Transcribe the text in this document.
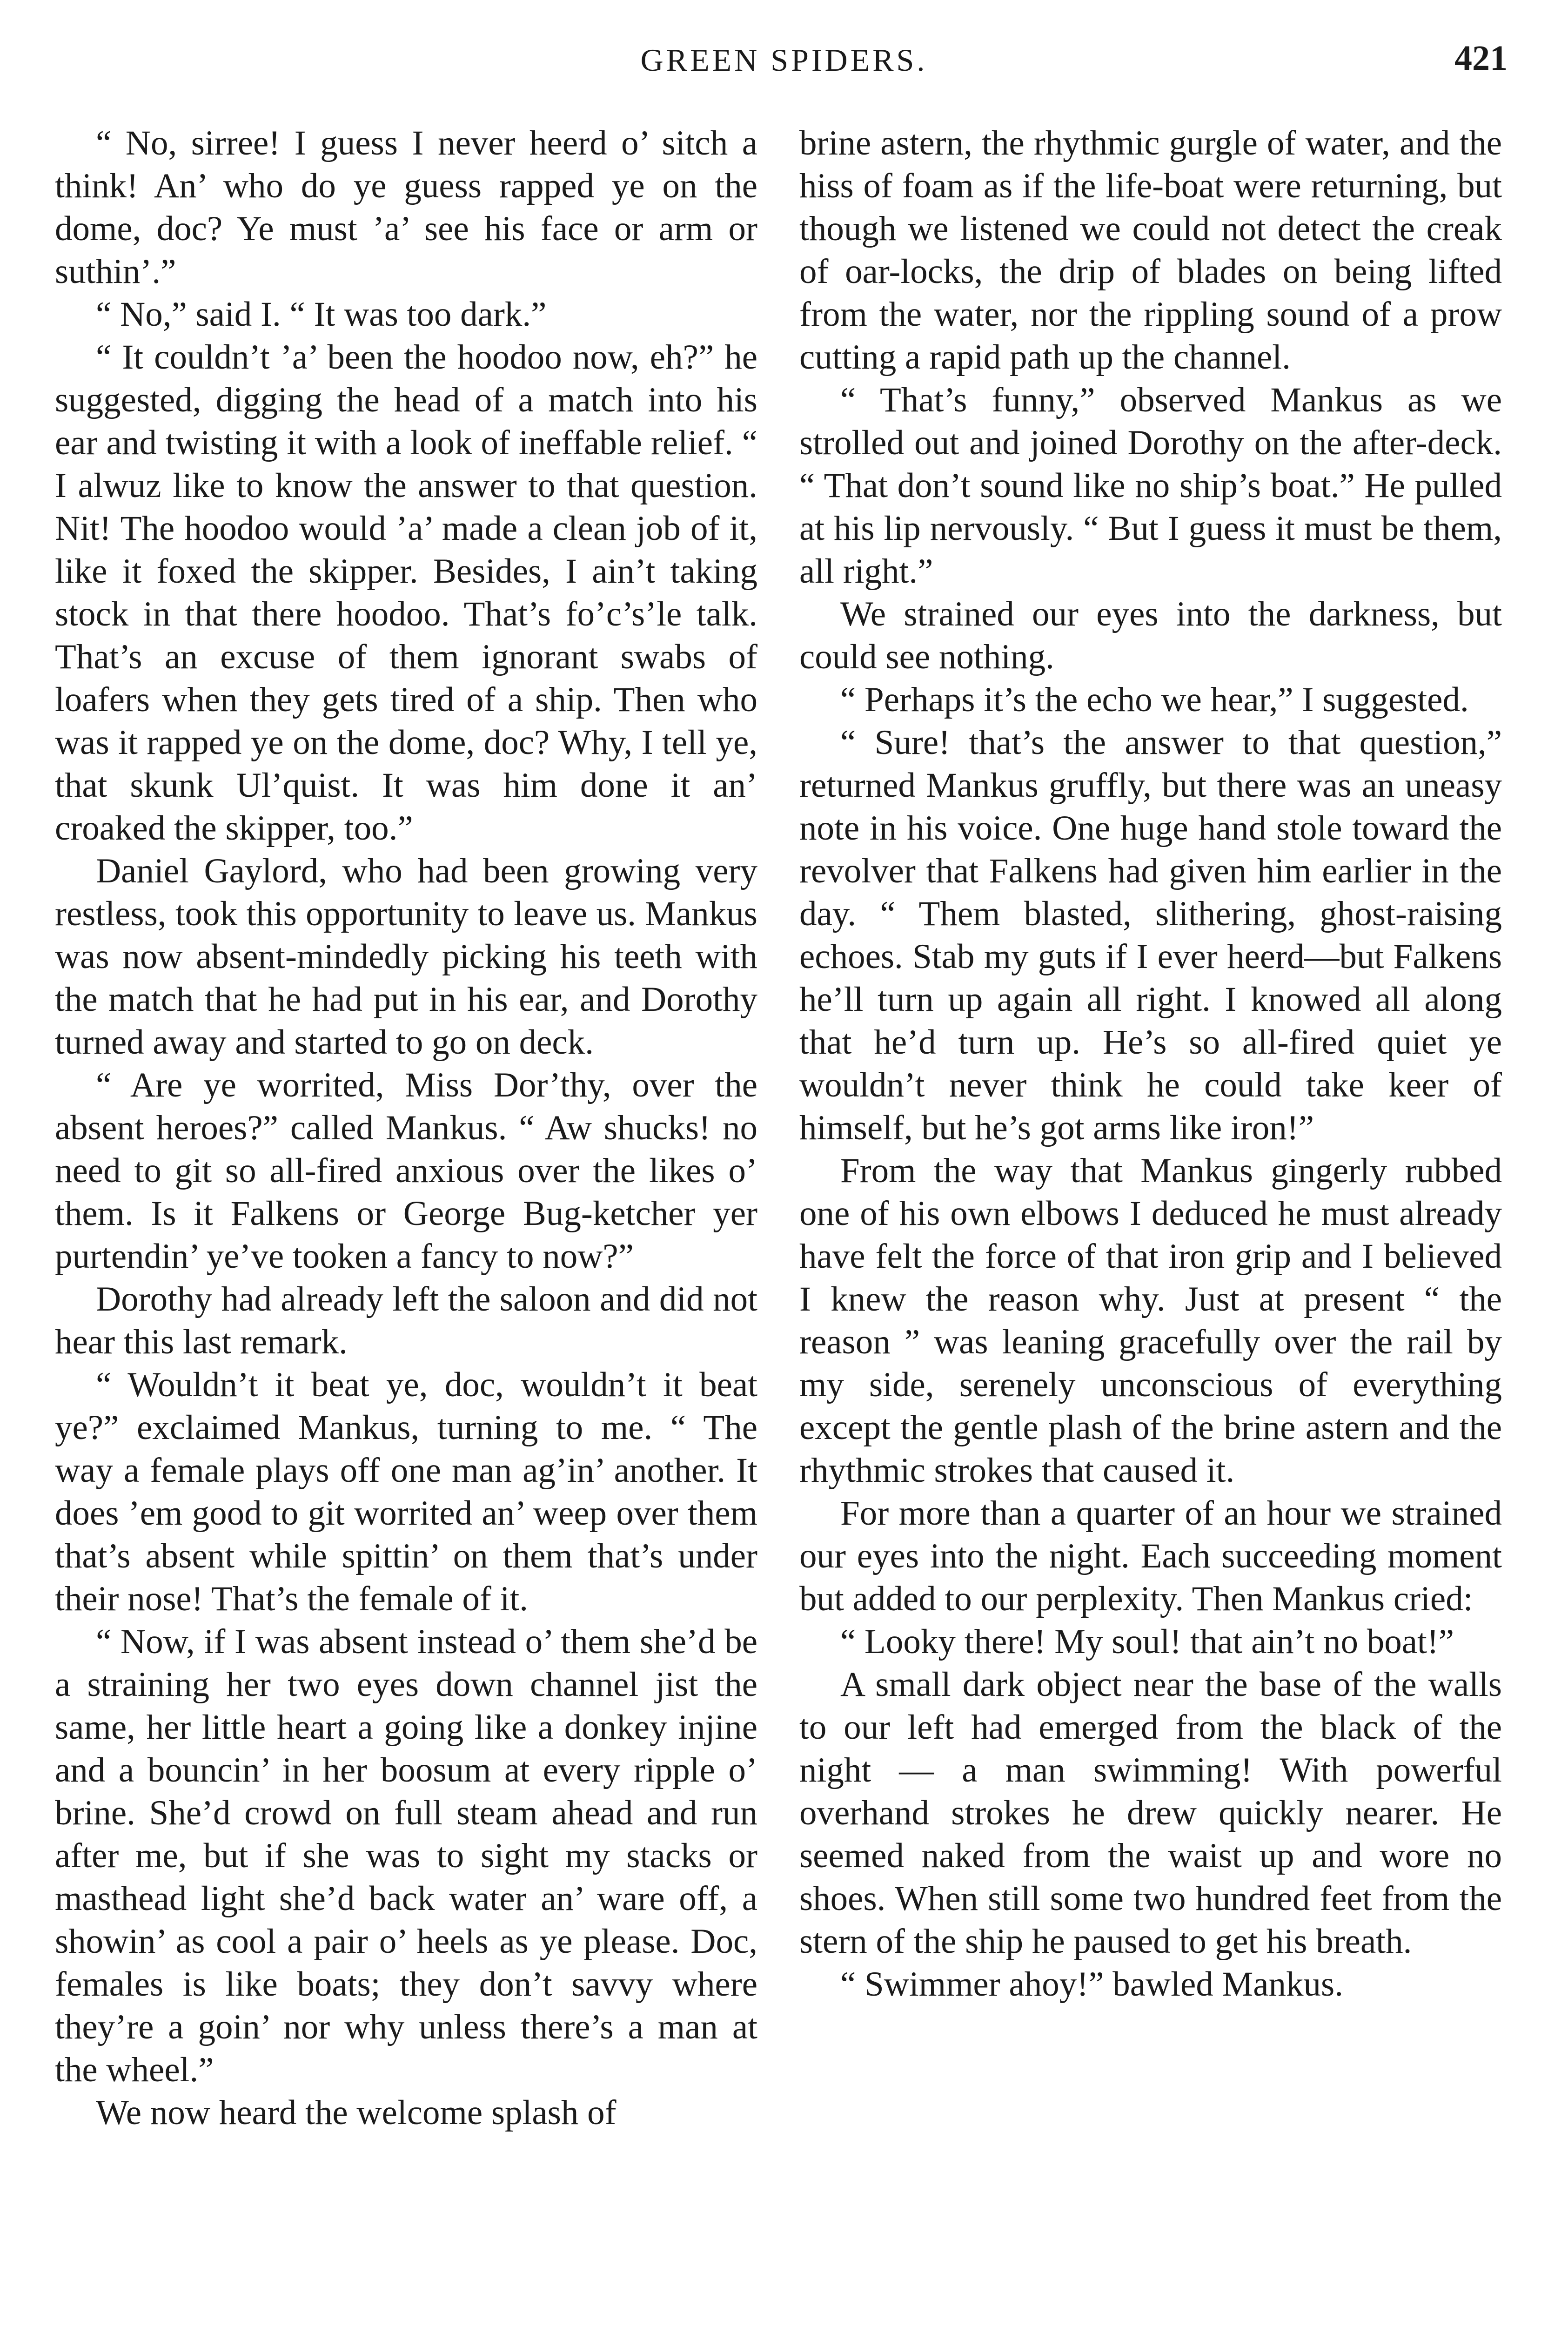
GREEN SPIDERS.	421

“ No, sirree! I guess I never heerd o’ sitch a think! An’ who do ye guess rapped ye on the dome, doc? Ye must ’a’ see his face or arm or suthin’.”

“ No,” said I. “ It was too dark.”

“ It couldn’t ’a’ been the hoodoo now, eh?” he suggested, digging the head of a match into his ear and twisting it with a look of ineffable relief. “ I alwuz like to know the answer to that question. Nit! The hoodoo would ’a’ made a clean job of it, like it foxed the skipper. Besides, I ain’t taking stock in that there hoodoo. That’s fo’c’s’le talk. That’s an excuse of them ignorant swabs of loafers when they gets tired of a ship. Then who was it rapped ye on the dome, doc? Why, I tell ye, that skunk Ul’quist. It was him done it an’ croaked the skipper, too.”

Daniel Gaylord, who had been growing very restless, took this opportunity to leave us. Mankus was now absent-mindedly picking his teeth with the match that he had put in his ear, and Dorothy turned away and started to go on deck.

“ Are ye worrited, Miss Dor’thy, over the absent heroes?” called Mankus. “ Aw shucks! no need to git so all-fired anxious over the likes o’ them. Is it Falkens or George Bug-ketcher yer purtendin’ ye’ve tooken a fancy to now?”

Dorothy had already left the saloon and did not hear this last remark.

“ Wouldn’t it beat ye, doc, wouldn’t it beat ye?” exclaimed Mankus, turning to me. “ The way a female plays off one man ag’in’ another. It does ’em good to git worrited an’ weep over them that’s absent while spittin’ on them that’s under their nose! That’s the female of it.

“ Now, if I was absent instead o’ them she’d be a straining her two eyes down channel jist the same, her little heart a going like a donkey injine and a bouncin’ in her boosum at every ripple o’ brine. She’d crowd on full steam ahead and run after me, but if she was to sight my stacks or masthead light she’d back water an’ ware off, a showin’ as cool a pair o’ heels as ye please. Doc, females is like boats; they don’t savvy where they’re a goin’ nor why unless there’s a man at the wheel.”

We now heard the welcome splash of

brine astern, the rhythmic gurgle of water, and the hiss of foam as if the life-boat were returning, but though we listened we could not detect the creak of oar-locks, the drip of blades on being lifted from the water, nor the rippling sound of a prow cutting a rapid path up the channel.

“ That’s funny,” observed Mankus as we strolled out and joined Dorothy on the after-deck. “ That don’t sound like no ship’s boat.” He pulled at his lip nervously. “ But I guess it must be them, all right.”

We strained our eyes into the darkness, but could see nothing.

“ Perhaps it’s the echo we hear,” I suggested.

“ Sure! that’s the answer to that question,” returned Mankus gruffly, but there was an uneasy note in his voice. One huge hand stole toward the revolver that Falkens had given him earlier in the day. “ Them blasted, slithering, ghost-raising echoes. Stab my guts if I ever heerd—but Falkens he’ll turn up again all right. I knowed all along that he’d turn up. He’s so all-fired quiet ye wouldn’t never think he could take keer of himself, but he’s got arms like iron!”

From the way that Mankus gingerly rubbed one of his own elbows I deduced he must already have felt the force of that iron grip and I believed I knew the reason why. Just at present “ the reason ” was leaning gracefully over the rail by my side, serenely unconscious of everything except the gentle plash of the brine astern and the rhythmic strokes that caused it.

For more than a quarter of an hour we strained our eyes into the night. Each succeeding moment but added to our perplexity. Then Mankus cried:

“ Looky there! My soul! that ain’t no boat!”

A small dark object near the base of the walls to our left had emerged from the black of the night — a man swimming! With powerful overhand strokes he drew quickly nearer. He seemed naked from the waist up and wore no shoes. When still some two hundred feet from the stern of the ship he paused to get his breath.

“ Swimmer ahoy!” bawled Mankus.
